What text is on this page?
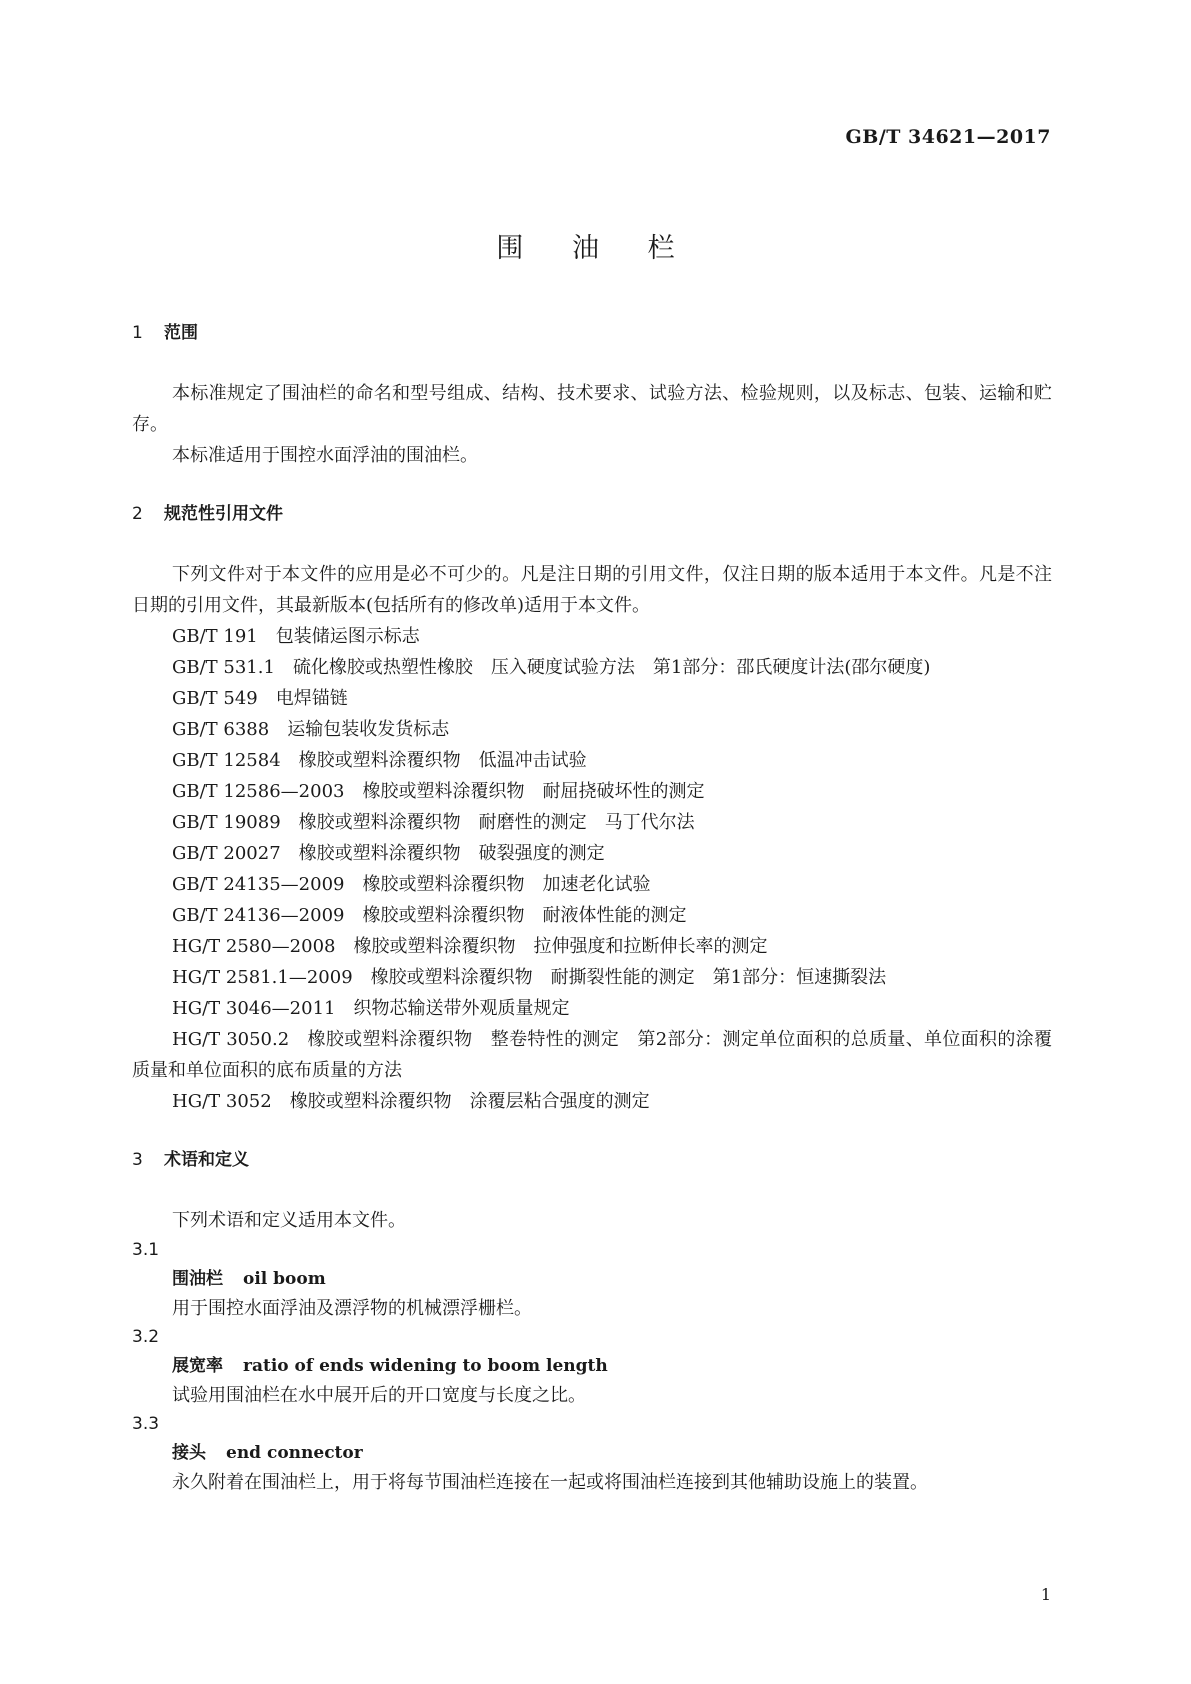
GB/T 34621—2017
围 油 栏
1 范围
本标准规定了围油栏的命名和型号组成、结构、技术要求、试验方法、检验规则，以及标志、包装、运输和贮存。
本标准适用于围控水面浮油的围油栏。
2 规范性引用文件
下列文件对于本文件的应用是必不可少的。凡是注日期的引用文件，仅注日期的版本适用于本文件。凡是不注日期的引用文件，其最新版本(包括所有的修改单)适用于本文件。
GB/T 191 包装储运图示标志
GB/T 531.1 硫化橡胶或热塑性橡胶　压入硬度试验方法　第1部分：邵氏硬度计法(邵尔硬度)
GB/T 549 电焊锚链
GB/T 6388 运输包装收发货标志
GB/T 12584 橡胶或塑料涂覆织物　低温冲击试验
GB/T 12586—2003 橡胶或塑料涂覆织物　耐屈挠破坏性的测定
GB/T 19089 橡胶或塑料涂覆织物　耐磨性的测定　马丁代尔法
GB/T 20027 橡胶或塑料涂覆织物　破裂强度的测定
GB/T 24135—2009 橡胶或塑料涂覆织物　加速老化试验
GB/T 24136—2009 橡胶或塑料涂覆织物　耐液体性能的测定
HG/T 2580—2008 橡胶或塑料涂覆织物　拉伸强度和拉断伸长率的测定
HG/T 2581.1—2009 橡胶或塑料涂覆织物　耐撕裂性能的测定　第1部分：恒速撕裂法
HG/T 3046—2011 织物芯输送带外观质量规定
HG/T 3050.2 橡胶或塑料涂覆织物　整卷特性的测定　第2部分：测定单位面积的总质量、单位面积的涂覆质量和单位面积的底布质量的方法
HG/T 3052 橡胶或塑料涂覆织物　涂覆层粘合强度的测定
3 术语和定义
下列术语和定义适用本文件。
3.1
围油栏 oil boom
用于围控水面浮油及漂浮物的机械漂浮栅栏。
3.2
展宽率 ratio of ends widening to boom length
试验用围油栏在水中展开后的开口宽度与长度之比。
3.3
接头 end connector
永久附着在围油栏上，用于将每节围油栏连接在一起或将围油栏连接到其他辅助设施上的装置。
1
